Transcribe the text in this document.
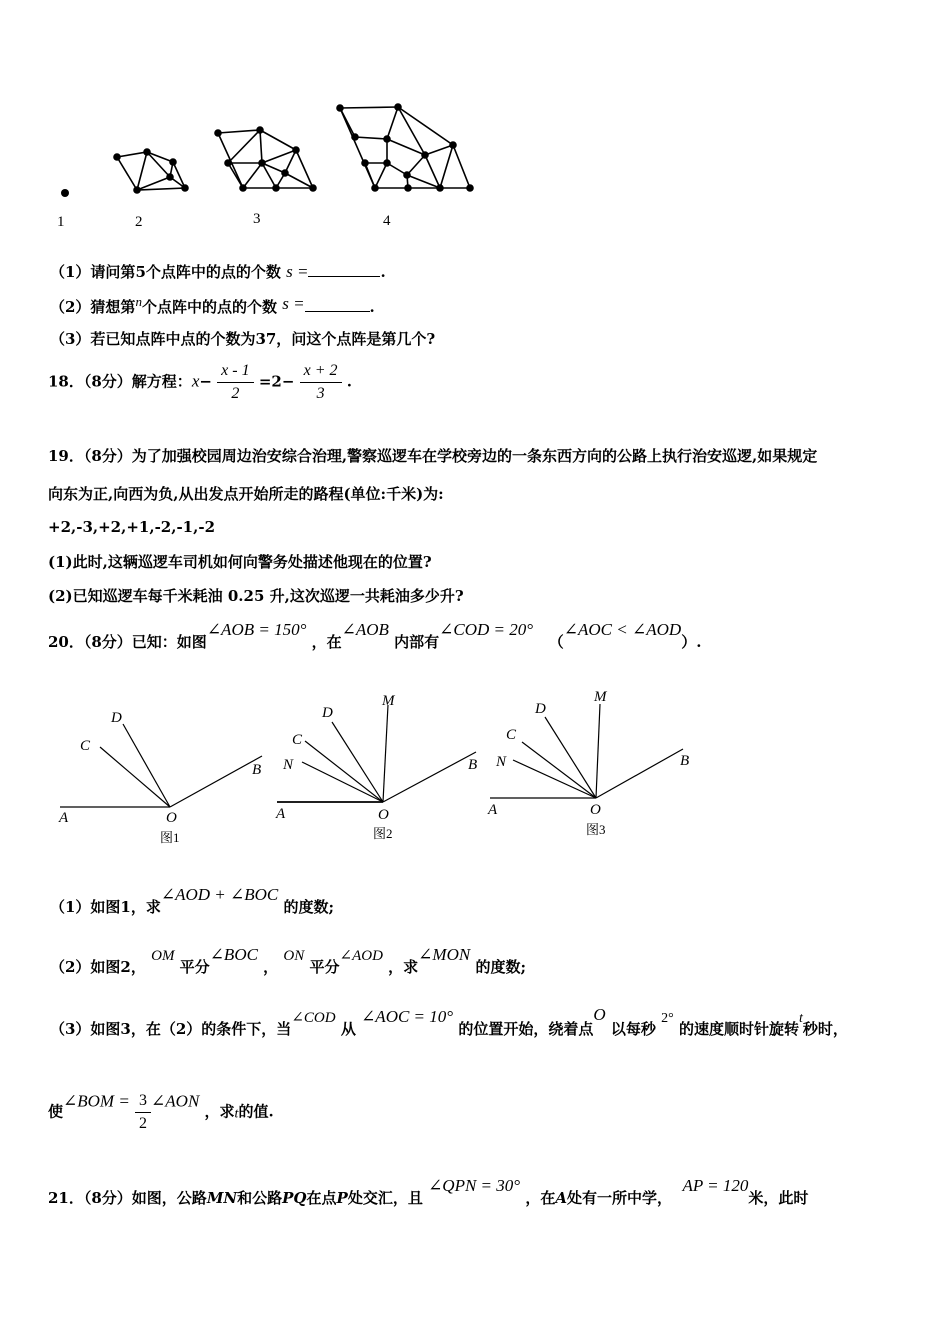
1	2	3	4
（1）请问第5个点阵中的点的个数 s =	.
（2）猜想第$^n$个点阵中的点的个数 s =	.
（3）若已知点阵中点的个数为37，问这个点阵是第几个?
18．（8分）解方程：$x- \frac{x - 1}{2} =2- \frac{x + 2}{3}$ .
19．（8分）为了加强校园周边治安综合治理,警察巡逻车在学校旁边的一条东西方向的公路上执行治安巡逻,如果规定
向东为正,向西为负,从出发点开始所走的路程(单位:千米)为:
+2,-3,+2,+1,-2,-1,-2
(1)此时,这辆巡逻车司机如何向警务处描述他现在的位置?
(2)已知巡逻车每千米耗油 0.25 升,这次巡逻一共耗油多少升?
20．（8分）已知：如图∠AOB = 150° ，在∠AOB 内部有∠COD = 20°   （∠AOC < ∠AOD）.
A	O
B
C
D
A	O
B
C
D
N
M
A	O
B
C
D
N
M
图1	图2	图3
（1）如图1，求∠AOD + ∠BOC 的度数;
（2）如图2， OM 平分∠BOC ， ON 平分∠AOD ，求∠MON 的度数;
（3）如图3，在（2）的条件下，当∠COD 从 ∠AOC = 10° 的位置开始，绕着点O 以每秒 2° 的速度顺时针旋转t秒时，
使∠BOM = $\frac{3}{2}$ ∠AON ，求t的值.
21．（8分）如图，公路MN和公路PQ在点P处交汇，且 ∠QPN = 30° ，在A处有一所中学，  AP = 120米，此时
